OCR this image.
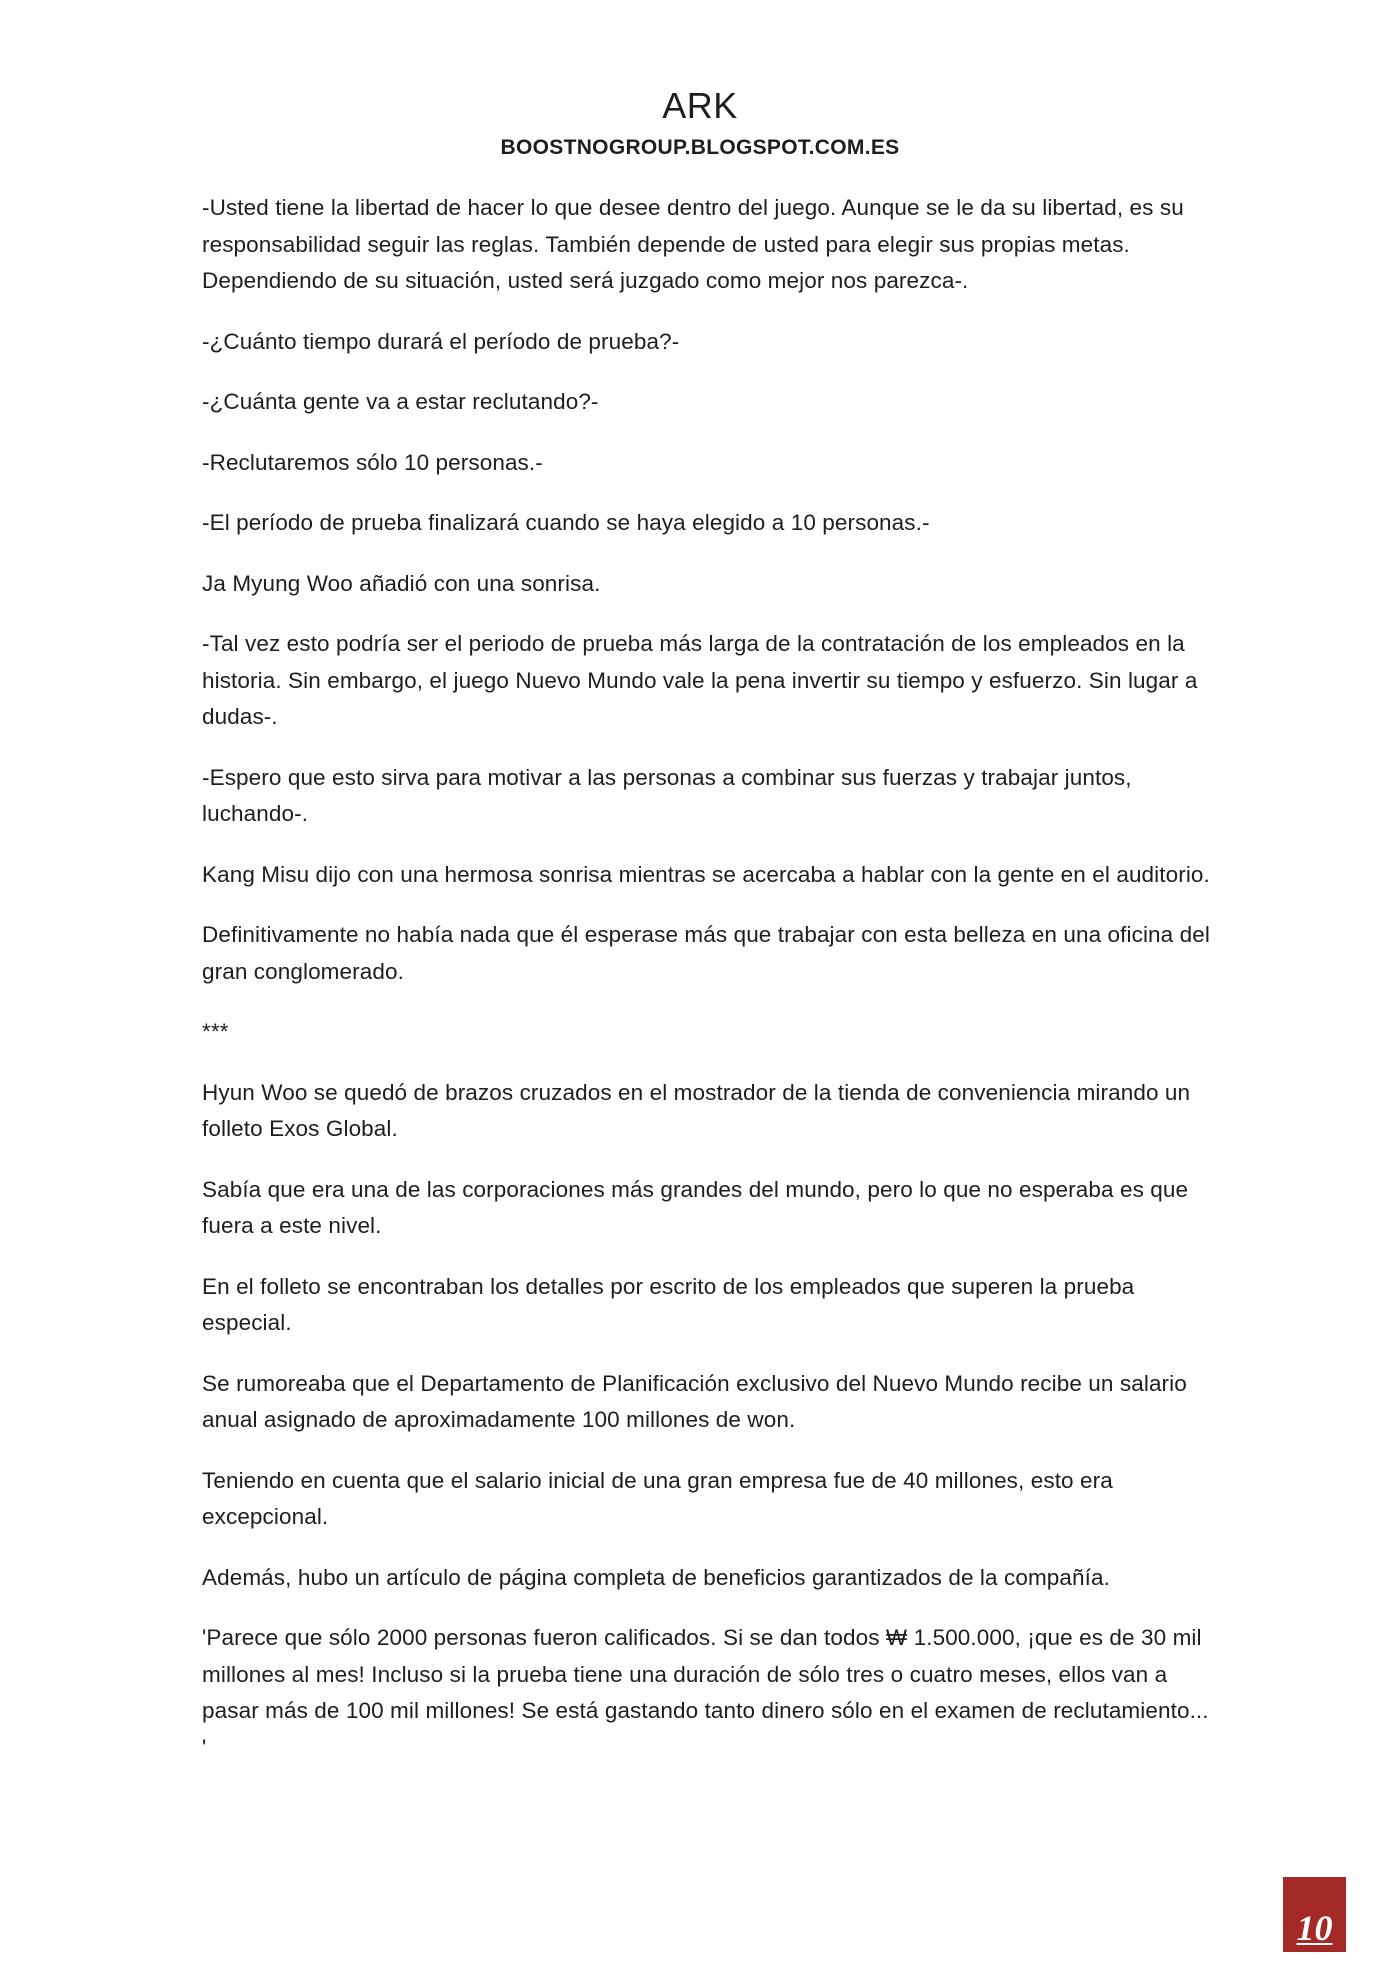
ARK
BOOSTNOGROUP.BLOGSPOT.COM.ES

-Usted tiene la libertad de hacer lo que desee dentro del juego. Aunque se le da su libertad, es su responsabilidad seguir las reglas. También depende de usted para elegir sus propias metas. Dependiendo de su situación, usted será juzgado como mejor nos parezca-.

-¿Cuánto tiempo durará el período de prueba?-

-¿Cuánta gente va a estar reclutando?-

-Reclutaremos sólo 10 personas.-

-El período de prueba finalizará cuando se haya elegido a 10 personas.-

Ja Myung Woo añadió con una sonrisa.

-Tal vez esto podría ser el periodo de prueba más larga de la contratación de los empleados en la historia. Sin embargo, el juego Nuevo Mundo vale la pena invertir su tiempo y esfuerzo. Sin lugar a dudas-.

-Espero que esto sirva para motivar a las personas a combinar sus fuerzas y trabajar juntos, luchando-.

Kang Misu dijo con una hermosa sonrisa mientras se acercaba a hablar con la gente en el auditorio.

Definitivamente no había nada que él esperase más que trabajar con esta belleza en una oficina del gran conglomerado.

***

Hyun Woo se quedó de brazos cruzados en el mostrador de la tienda de conveniencia mirando un folleto Exos Global.

Sabía que era una de las corporaciones más grandes del mundo, pero lo que no esperaba es que fuera a este nivel.

En el folleto se encontraban los detalles por escrito de los empleados que superen la prueba especial.

Se rumoreaba que el Departamento de Planificación exclusivo del Nuevo Mundo recibe un salario anual asignado de aproximadamente 100 millones de won.

Teniendo en cuenta que el salario inicial de una gran empresa fue de 40 millones, esto era excepcional.

Además, hubo un artículo de página completa de beneficios garantizados de la compañía.

'Parece que sólo 2000 personas fueron calificados. Si se dan todos ₩ 1.500.000, ¡que es de 30 mil millones al mes! Incluso si la prueba tiene una duración de sólo tres o cuatro meses, ellos van a pasar más de 100 mil millones! Se está gastando tanto dinero sólo en el examen de reclutamiento... '

10
